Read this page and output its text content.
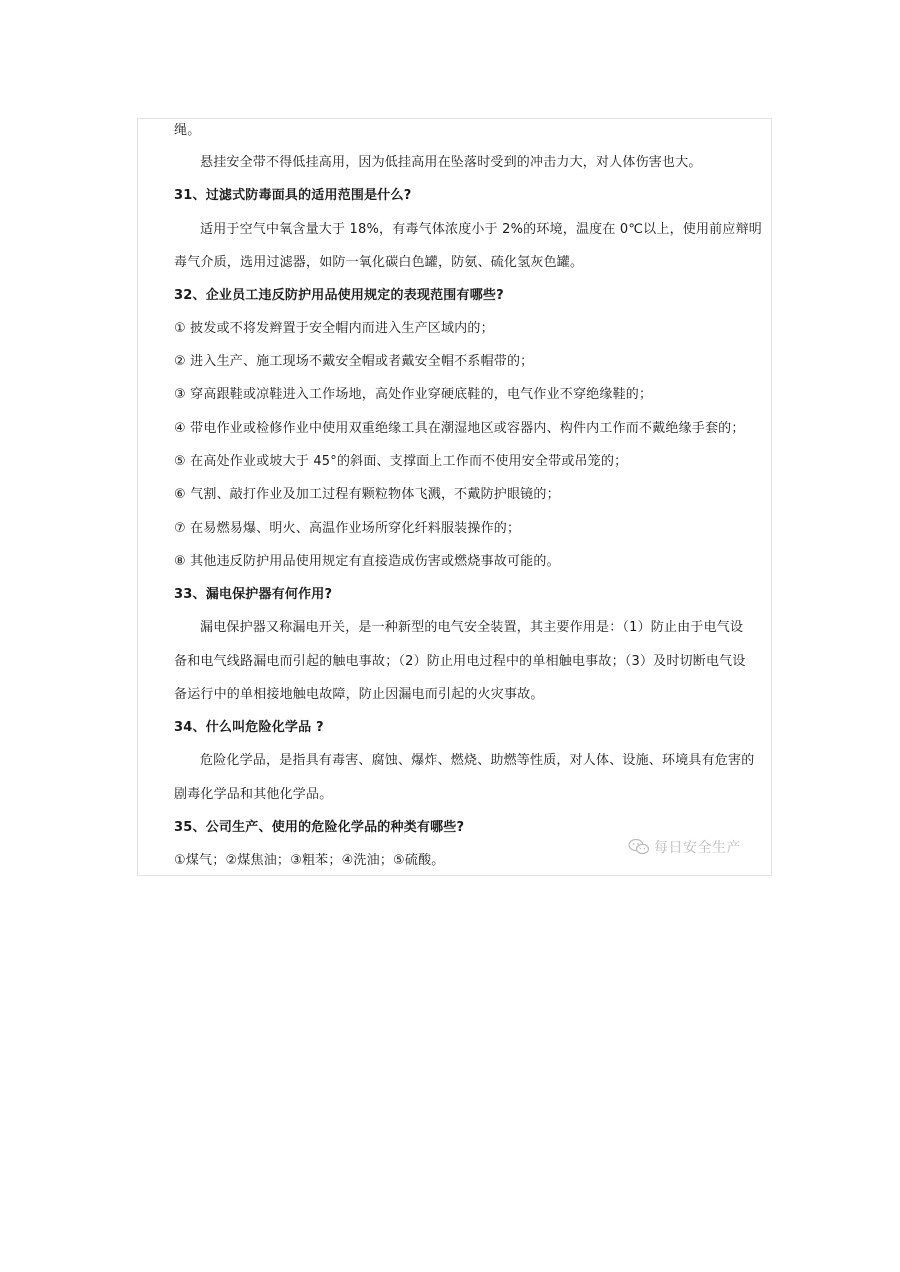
绳。
悬挂安全带不得低挂高用，因为低挂高用在坠落时受到的冲击力大，对人体伤害也大。
31、过滤式防毒面具的适用范围是什么?
适用于空气中氧含量大于 18%，有毒气体浓度小于 2%的环境，温度在 0℃以上，使用前应辩明
毒气介质，选用过滤器，如防一氧化碳白色罐，防氨、硫化氢灰色罐。
32、企业员工违反防护用品使用规定的表现范围有哪些?
① 披发或不将发辫置于安全帽内而进入生产区域内的；
② 进入生产、施工现场不戴安全帽或者戴安全帽不系帽带的；
③ 穿高跟鞋或凉鞋进入工作场地，高处作业穿硬底鞋的，电气作业不穿绝缘鞋的；
④ 带电作业或检修作业中使用双重绝缘工具在潮湿地区或容器内、构件内工作而不戴绝缘手套的；
⑤ 在高处作业或坡大于 45°的斜面、支撑面上工作而不使用安全带或吊笼的；
⑥ 气割、敲打作业及加工过程有颗粒物体飞溅，不戴防护眼镜的；
⑦ 在易燃易爆、明火、高温作业场所穿化纤料服装操作的；
⑧ 其他违反防护用品使用规定有直接造成伤害或燃烧事故可能的。
33、漏电保护器有何作用?
漏电保护器又称漏电开关，是一种新型的电气安全装置，其主要作用是：（1）防止由于电气设
备和电气线路漏电而引起的触电事故；（2）防止用电过程中的单相触电事故；（3）及时切断电气设
备运行中的单相接地触电故障，防止因漏电而引起的火灾事故。
34、什么叫危险化学品 ?
危险化学品，是指具有毒害、腐蚀、爆炸、燃烧、助燃等性质，对人体、设施、环境具有危害的
剧毒化学品和其他化学品。
35、公司生产、使用的危险化学品的种类有哪些?
①煤气；②煤焦油；③粗苯；④洗油；⑤硫酸。
每日安全生产
